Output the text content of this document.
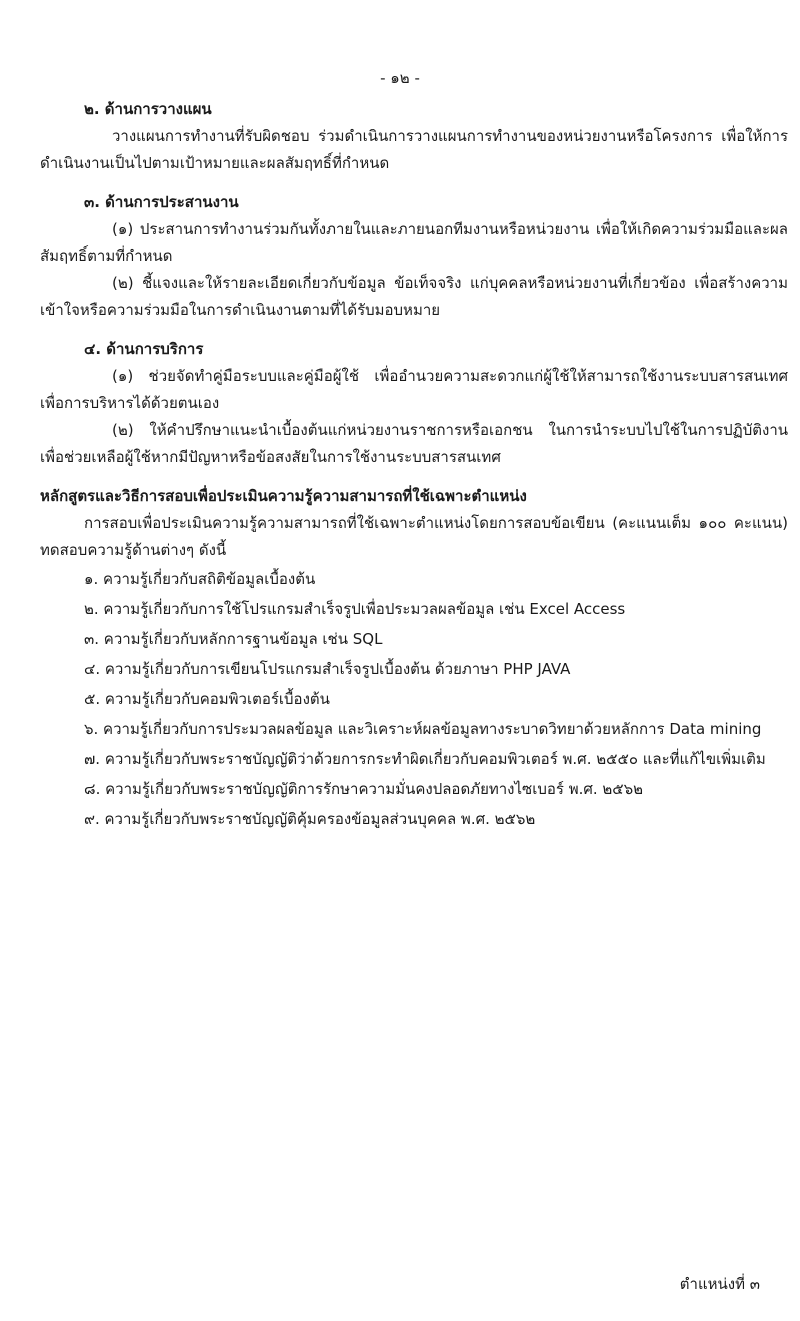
- ๑๒ -

๒. ด้านการวางแผน

วางแผนการทำงานที่รับผิดชอบ ร่วมดำเนินการวางแผนการทำงานของหน่วยงานหรือโครงการ เพื่อให้การดำเนินงานเป็นไปตามเป้าหมายและผลสัมฤทธิ์ที่กำหนด

๓. ด้านการประสานงาน

(๑) ประสานการทำงานร่วมกันทั้งภายในและภายนอกทีมงานหรือหน่วยงาน เพื่อให้เกิดความร่วมมือและผลสัมฤทธิ์ตามที่กำหนด

(๒) ชี้แจงและให้รายละเอียดเกี่ยวกับข้อมูล ข้อเท็จจริง แก่บุคคลหรือหน่วยงานที่เกี่ยวข้อง เพื่อสร้างความเข้าใจหรือความร่วมมือในการดำเนินงานตามที่ได้รับมอบหมาย

๔. ด้านการบริการ

(๑) ช่วยจัดทำคู่มือระบบและคู่มือผู้ใช้ เพื่ออำนวยความสะดวกแก่ผู้ใช้ให้สามารถใช้งานระบบสารสนเทศเพื่อการบริหารได้ด้วยตนเอง

(๒) ให้คำปรึกษาแนะนำเบื้องต้นแก่หน่วยงานราชการหรือเอกชน ในการนำระบบไปใช้ในการปฏิบัติงาน เพื่อช่วยเหลือผู้ใช้หากมีปัญหาหรือข้อสงสัยในการใช้งานระบบสารสนเทศ

หลักสูตรและวิธีการสอบเพื่อประเมินความรู้ความสามารถที่ใช้เฉพาะตำแหน่ง

การสอบเพื่อประเมินความรู้ความสามารถที่ใช้เฉพาะตำแหน่งโดยการสอบข้อเขียน (คะแนนเต็ม ๑๐๐ คะแนน) ทดสอบความรู้ด้านต่างๆ ดังนี้

๑. ความรู้เกี่ยวกับสถิติข้อมูลเบื้องต้น
๒. ความรู้เกี่ยวกับการใช้โปรแกรมสำเร็จรูปเพื่อประมวลผลข้อมูล เช่น Excel Access
๓. ความรู้เกี่ยวกับหลักการฐานข้อมูล เช่น SQL
๔. ความรู้เกี่ยวกับการเขียนโปรแกรมสำเร็จรูปเบื้องต้น ด้วยภาษา PHP JAVA
๕. ความรู้เกี่ยวกับคอมพิวเตอร์เบื้องต้น
๖. ความรู้เกี่ยวกับการประมวลผลข้อมูล และวิเคราะห์ผลข้อมูลทางระบาดวิทยาด้วยหลักการ Data mining
๗. ความรู้เกี่ยวกับพระราชบัญญัติว่าด้วยการกระทำผิดเกี่ยวกับคอมพิวเตอร์ พ.ศ. ๒๕๕๐ และที่แก้ไขเพิ่มเติม
๘. ความรู้เกี่ยวกับพระราชบัญญัติการรักษาความมั่นคงปลอดภัยทางไซเบอร์ พ.ศ. ๒๕๖๒
๙. ความรู้เกี่ยวกับพระราชบัญญัติคุ้มครองข้อมูลส่วนบุคคล พ.ศ. ๒๕๖๒
ตำแหน่งที่ ๓
